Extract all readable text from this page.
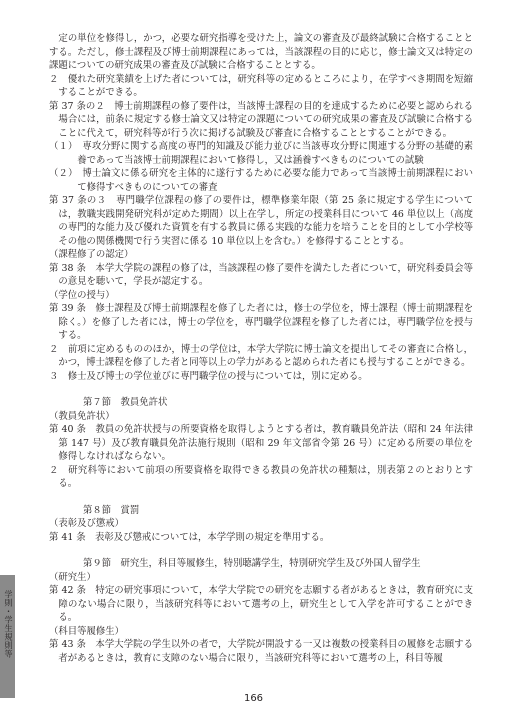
定の単位を修得し，かつ，必要な研究指導を受けた上，論文の審査及び最終試験に合格することとする。ただし，修士課程及び博士前期課程にあっては，当該課程の目的に応じ，修士論文又は特定の課題についての研究成果の審査及び試験に合格することとする。

２　優れた研究業績を上げた者については，研究科等の定めるところにより，在学すべき期間を短縮することができる。

第 37 条の２　博士前期課程の修了要件は，当該博士課程の目的を達成するために必要と認められる場合には，前条に規定する修士論文又は特定の課題についての研究成果の審査及び試験に合格することに代えて，研究科等が行う次に掲げる試験及び審査に合格することとすることができる。

（１）　専攻分野に関する高度の専門的知識及び能力並びに当該専攻分野に関連する分野の基礎的素養であって当該博士前期課程において修得し，又は涵養すべきものについての試験

（２）　博士論文に係る研究を主体的に遂行するために必要な能力であって当該博士前期課程において修得すべきものについての審査

第 37 条の３　専門職学位課程の修了の要件は，標準修業年限（第 25 条に規定する学生については，教職実践開発研究科が定めた期間）以上在学し，所定の授業科目について 46 単位以上（高度の専門的な能力及び優れた資質を有する教員に係る実践的な能力を培うことを目的として小学校等その他の関係機関で行う実習に係る 10 単位以上を含む。）を修得することとする。

（課程修了の認定）

第 38 条　本学大学院の課程の修了は，当該課程の修了要件を満たした者について，研究科委員会等の意見を聴いて，学長が認定する。

（学位の授与）

第 39 条　修士課程及び博士前期課程を修了した者には，修士の学位を，博士課程（博士前期課程を除く。）を修了した者には，博士の学位を，専門職学位課程を修了した者には，専門職学位を授与する。

２　前項に定めるもののほか，博士の学位は，本学大学院に博士論文を提出してその審査に合格し，かつ，博士課程を修了した者と同等以上の学力があると認められた者にも授与することができる。

３　修士及び博士の学位並びに専門職学位の授与については，別に定める。

第７節　教員免許状

（教員免許状）

第 40 条　教員の免許状授与の所要資格を取得しようとする者は，教育職員免許法（昭和 24 年法律第 147 号）及び教育職員免許法施行規則（昭和 29 年文部省令第 26 号）に定める所要の単位を修得しなければならない。

２　研究科等において前項の所要資格を取得できる教員の免許状の種類は，別表第２のとおりとする。

第８節　賞罰

（表彰及び懲戒）

第 41 条　表彰及び懲戒については，本学学則の規定を準用する。

第９節　研究生，科目等履修生，特別聴講学生，特別研究学生及び外国人留学生

（研究生）

第 42 条　特定の研究事項について，本学大学院での研究を志願する者があるときは，教育研究に支障のない場合に限り，当該研究科等において選考の上，研究生として入学を許可することができる。

（科目等履修生）

第 43 条　本学大学院の学生以外の者で，大学院が開設する一又は複数の授業科目の履修を志願する者があるときは，教育に支障のない場合に限り，当該研究科等において選考の上，科目等履

学則・学生規則等
166
